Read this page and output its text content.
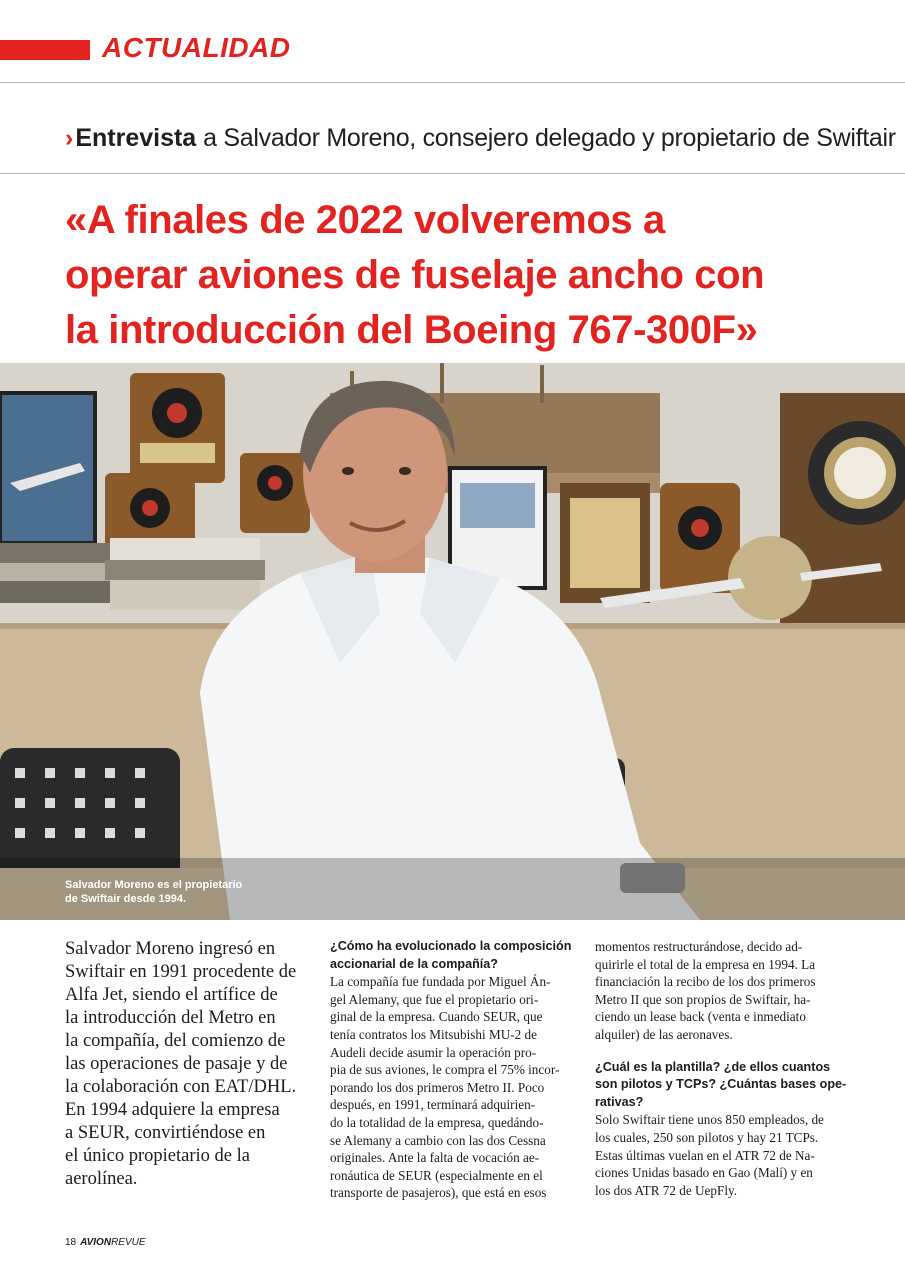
ACTUALIDAD
›Entrevista a Salvador Moreno, consejero delegado y propietario de Swiftair
«A finales de 2022 volveremos a
operar aviones de fuselaje ancho con
la introducción del Boeing 767-300F»
Salvador Moreno es el propietario
de Swiftair desde 1994.
Salvador Moreno ingresó en
Swiftair en 1991 procedente de
Alfa Jet, siendo el artífice de
la introducción del Metro en
la compañía, del comienzo de
las operaciones de pasaje y de
la colaboración con EAT/DHL.
En 1994 adquiere la empresa
a SEUR, convirtiéndose en
el único propietario de la
aerolínea.
¿Cómo ha evolucionado la composición
accionarial de la compañía?
La compañía fue fundada por Miguel Án-
gel Alemany, que fue el propietario ori-
ginal de la empresa. Cuando SEUR, que
tenía contratos los Mitsubishi MU-2 de
Audeli decide asumir la operación pro-
pia de sus aviones, le compra el 75% incor-
porando los dos primeros Metro II. Poco
después, en 1991, terminará adquirien-
do la totalidad de la empresa, quedándo-
se Alemany a cambio con las dos Cessna
originales. Ante la falta de vocación ae-
ronáutica de SEUR (especialmente en el
transporte de pasajeros), que está en esos
momentos restructurándose, decido ad-
quirirle el total de la empresa en 1994. La
financiación la recibo de los dos primeros
Metro II que son propios de Swiftair, ha-
ciendo un lease back (venta e inmediato
alquiler) de las aeronaves.
¿Cuál es la plantilla? ¿de ellos cuantos
son pilotos y TCPs? ¿Cuántas bases ope-
rativas?
Solo Swiftair tiene unos 850 empleados, de
los cuales, 250 son pilotos y hay 21 TCPs.
Estas últimas vuelan en el ATR 72 de Na-
ciones Unidas basado en Gao (Malí) y en
los dos ATR 72 de UepFly.
18 AVIONREVUE
